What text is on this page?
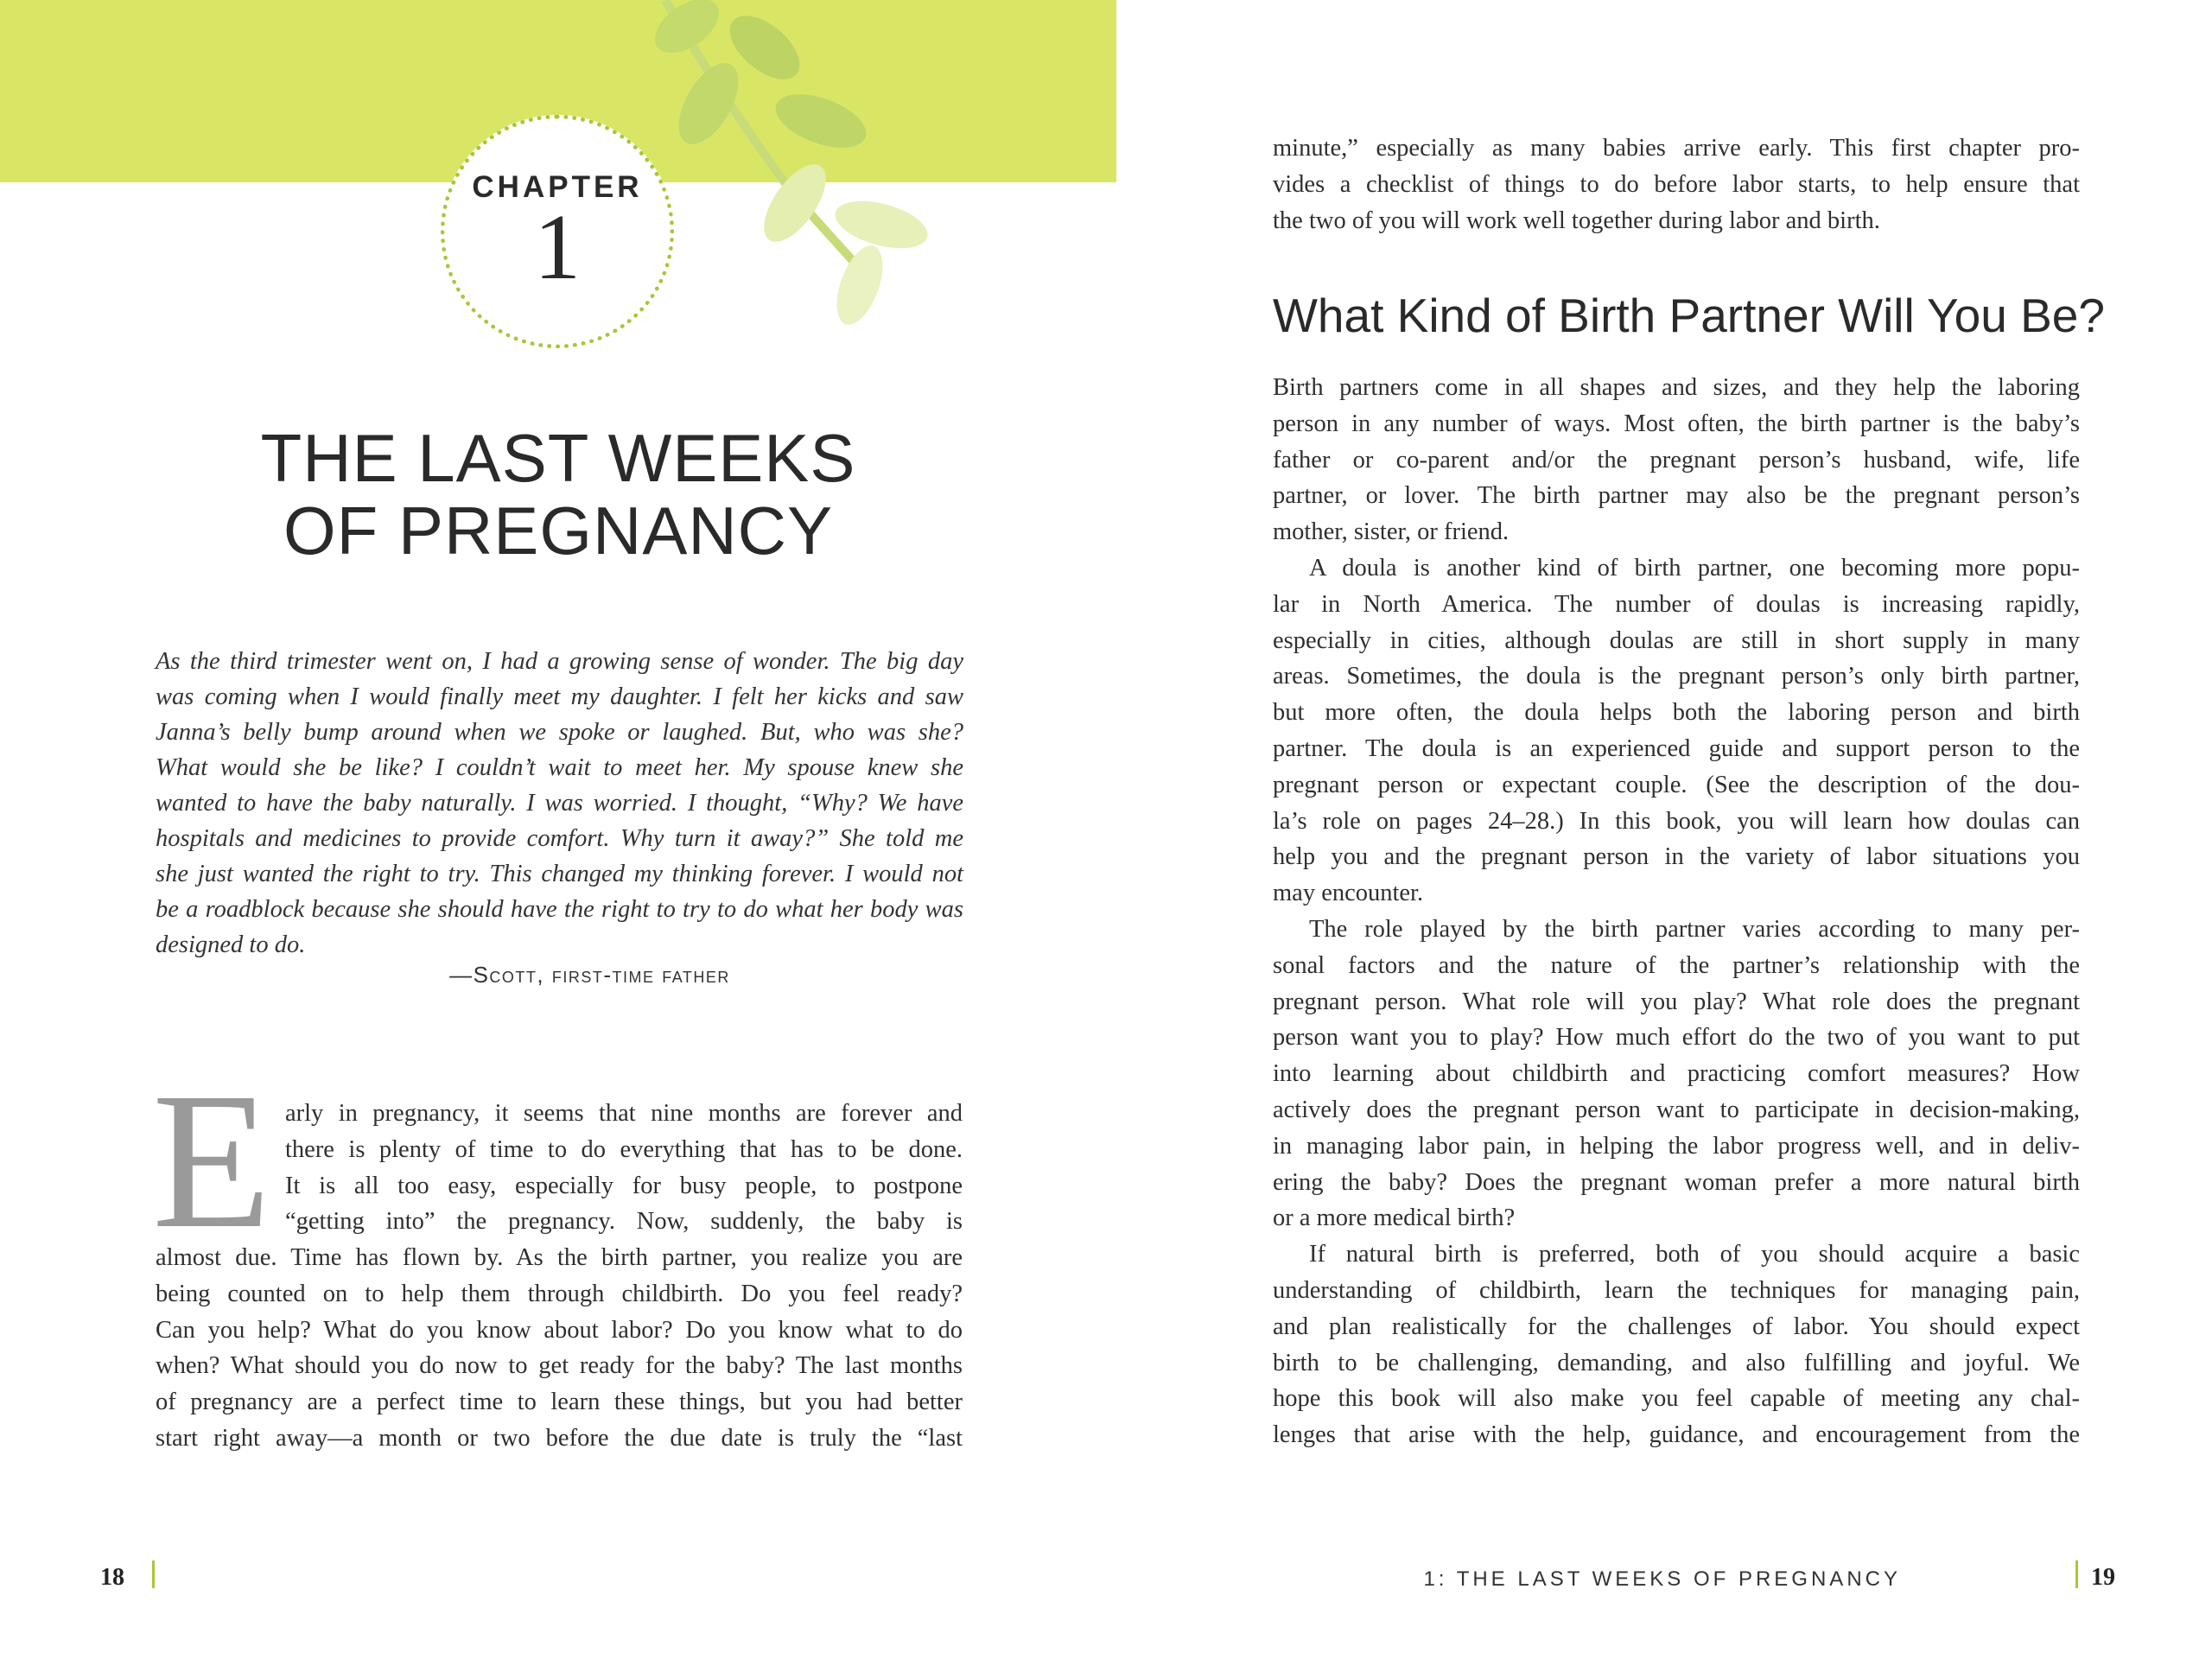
CHAPTER
1
THE LAST WEEKS
OF PREGNANCY
As the third trimester went on, I had a growing sense of wonder. The big day
was coming when I would finally meet my daughter. I felt her kicks and saw
Janna’s belly bump around when we spoke or laughed. But, who was she?
What would she be like? I couldn’t wait to meet her. My spouse knew she
wanted to have the baby naturally. I was worried. I thought, “Why? We have
hospitals and medicines to provide comfort. Why turn it away?” She told me
she just wanted the right to try. This changed my thinking forever. I would not
be a roadblock because she should have the right to try to do what her body was
designed to do.
—Scott, first-time father
E arly in pregnancy, it seems that nine months are forever and
there is plenty of time to do everything that has to be done.
It is all too easy, especially for busy people, to postpone
“getting into” the pregnancy. Now, suddenly, the baby is
almost due. Time has flown by. As the birth partner, you realize you are
being counted on to help them through childbirth. Do you feel ready?
Can you help? What do you know about labor? Do you know what to do
when? What should you do now to get ready for the baby? The last months
of pregnancy are a perfect time to learn these things, but you had better
start right away—a month or two before the due date is truly the “last
18
minute,” especially as many babies arrive early. This first chapter pro-
vides a checklist of things to do before labor starts, to help ensure that
the two of you will work well together during labor and birth.
What Kind of Birth Partner Will You Be?
Birth partners come in all shapes and sizes, and they help the laboring
person in any number of ways. Most often, the birth partner is the baby’s
father or co-parent and/or the pregnant person’s husband, wife, life
partner, or lover. The birth partner may also be the pregnant person’s
mother, sister, or friend.
A doula is another kind of birth partner, one becoming more popu-
lar in North America. The number of doulas is increasing rapidly,
especially in cities, although doulas are still in short supply in many
areas. Sometimes, the doula is the pregnant person’s only birth partner,
but more often, the doula helps both the laboring person and birth
partner. The doula is an experienced guide and support person to the
pregnant person or expectant couple. (See the description of the dou-
la’s role on pages 24–28.) In this book, you will learn how doulas can
help you and the pregnant person in the variety of labor situations you
may encounter.
The role played by the birth partner varies according to many per-
sonal factors and the nature of the partner’s relationship with the
pregnant person. What role will you play? What role does the pregnant
person want you to play? How much effort do the two of you want to put
into learning about childbirth and practicing comfort measures? How
actively does the pregnant person want to participate in decision-making,
in managing labor pain, in helping the labor progress well, and in deliv-
ering the baby? Does the pregnant woman prefer a more natural birth
or a more medical birth?
If natural birth is preferred, both of you should acquire a basic
understanding of childbirth, learn the techniques for managing pain,
and plan realistically for the challenges of labor. You should expect
birth to be challenging, demanding, and also fulfilling and joyful. We
hope this book will also make you feel capable of meeting any chal-
lenges that arise with the help, guidance, and encouragement from the
1: THE LAST WEEKS OF PREGNANCY	19
